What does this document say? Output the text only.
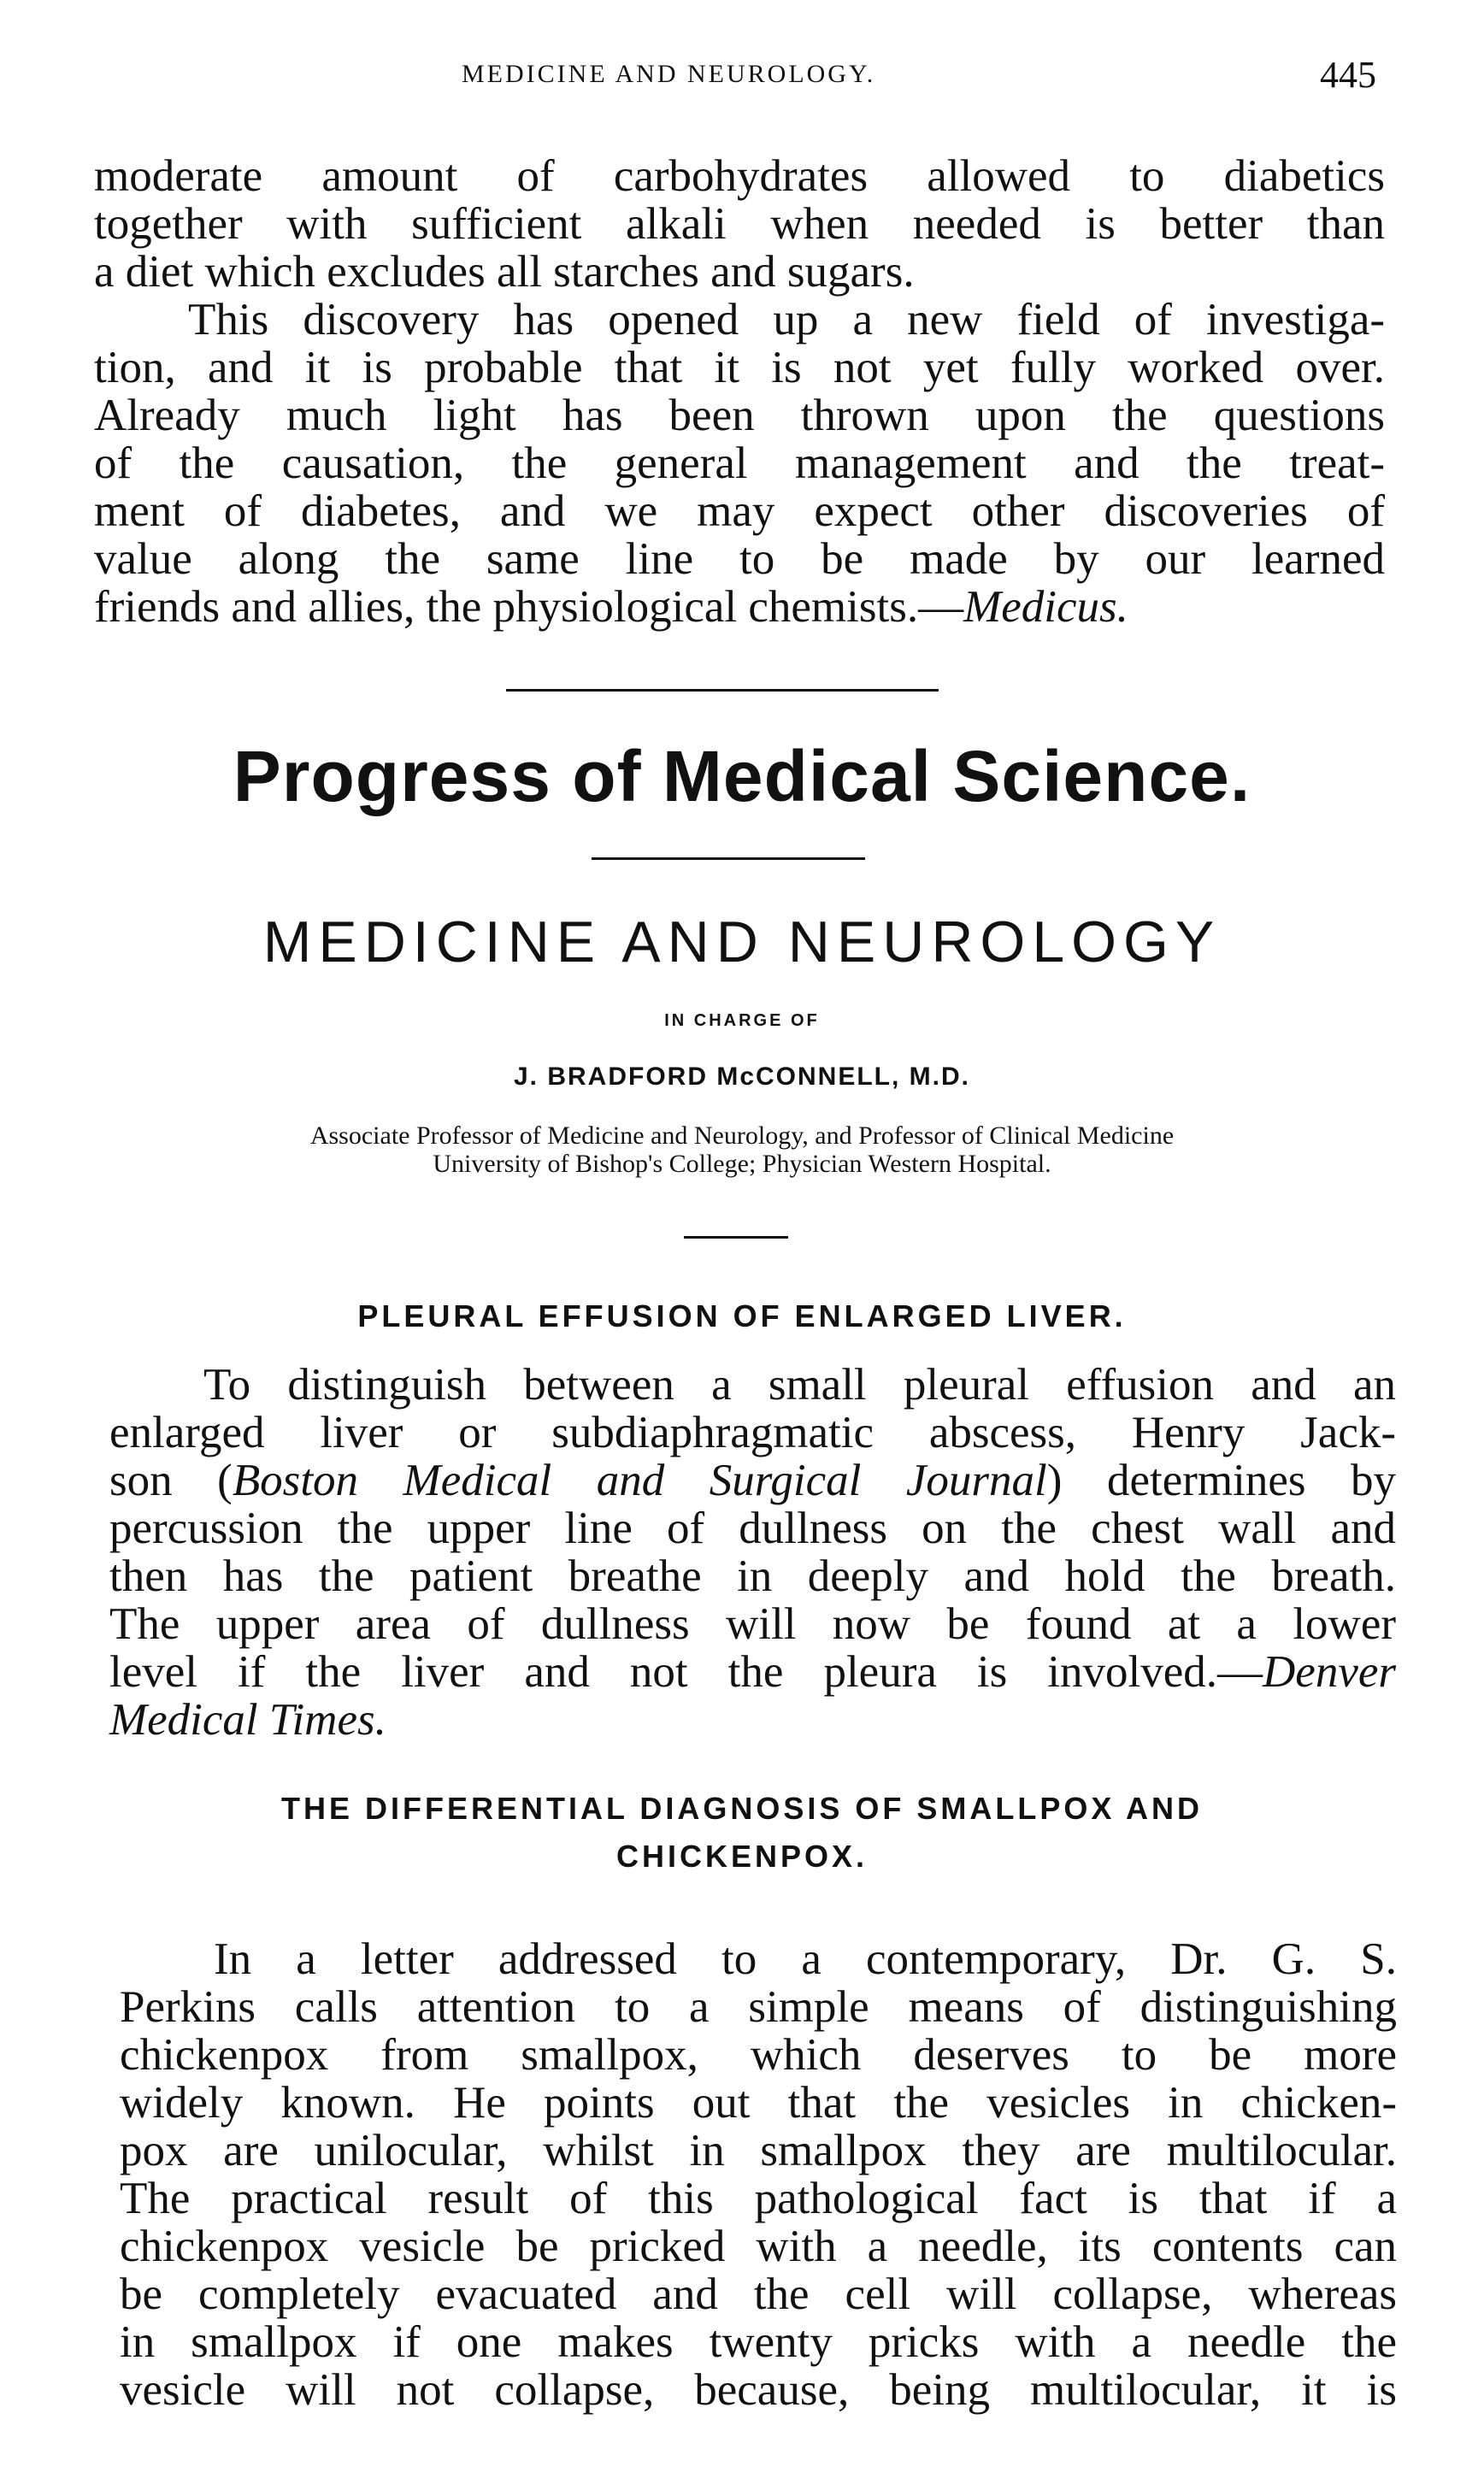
MEDICINE AND NEUROLOGY.	445
moderate amount of carbohydrates allowed to diabetics
together with sufficient alkali when needed is better than
a diet which excludes all starches and sugars.
This discovery has opened up a new field of investiga-
tion, and it is probable that it is not yet fully worked over.
Already much light has been thrown upon the questions
of the causation, the general management and the treat-
ment of diabetes, and we may expect other discoveries of
value along the same line to be made by our learned
friends and allies, the physiological chemists.—Medicus.
Progress of Medical Science.
MEDICINE AND NEUROLOGY
IN CHARGE OF
J. BRADFORD McCONNELL, M.D.
Associate Professor of Medicine and Neurology, and Professor of Clinical Medicine
University of Bishop's College; Physician Western Hospital.
PLEURAL EFFUSION OF ENLARGED LIVER.
To distinguish between a small pleural effusion and an
enlarged liver or subdiaphragmatic abscess, Henry Jack-
son (Boston Medical and Surgical Journal) determines by
percussion the upper line of dullness on the chest wall and
then has the patient breathe in deeply and hold the breath.
The upper area of dullness will now be found at a lower
level if the liver and not the pleura is involved.—Denver
Medical Times.
THE DIFFERENTIAL DIAGNOSIS OF SMALLPOX AND
CHICKENPOX.
In a letter addressed to a contemporary, Dr. G. S.
Perkins calls attention to a simple means of distinguishing
chickenpox from smallpox, which deserves to be more
widely known. He points out that the vesicles in chicken-
pox are unilocular, whilst in smallpox they are multilocular.
The practical result of this pathological fact is that if a
chickenpox vesicle be pricked with a needle, its contents can
be completely evacuated and the cell will collapse, whereas
in smallpox if one makes twenty pricks with a needle the
vesicle will not collapse, because, being multilocular, it is
